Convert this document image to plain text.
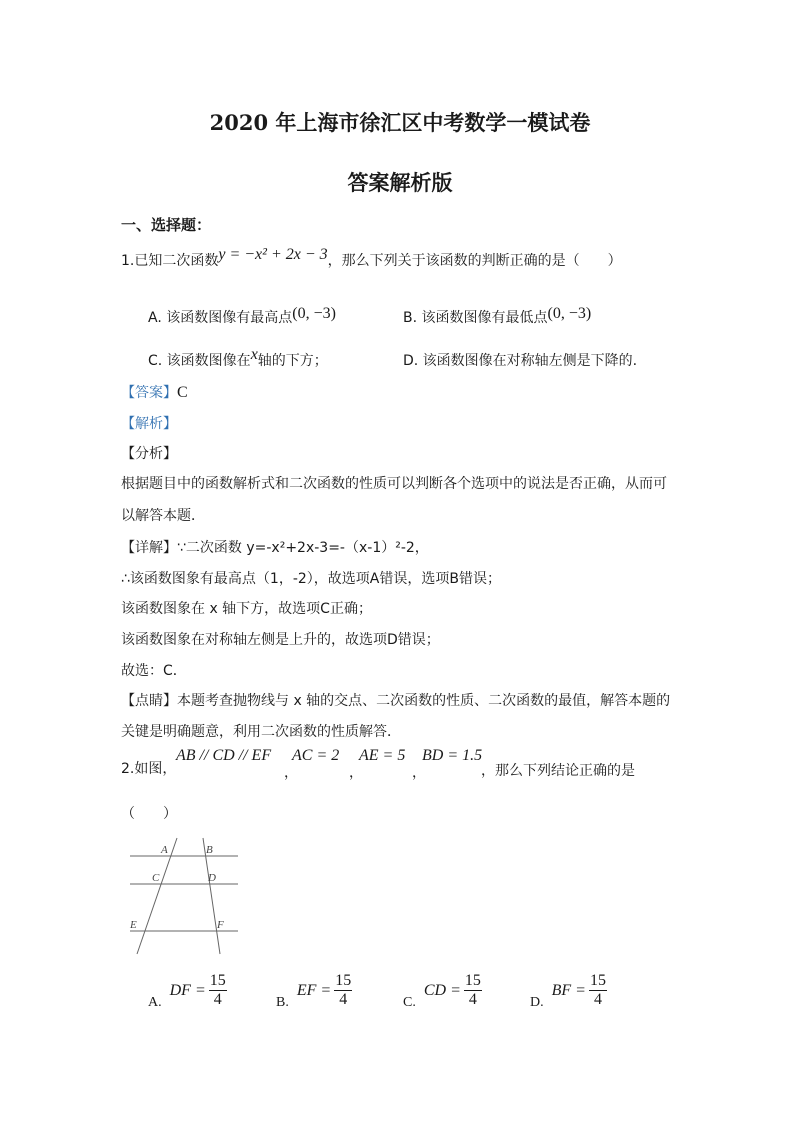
2020 年上海市徐汇区中考数学一模试卷
答案解析版
一、选择题：
1.已知二次函数y = −x² + 2x − 3，那么下列关于该函数的判断正确的是（　　）
A. 该函数图像有最高点(0, −3)	B. 该函数图像有最低点(0, −3)
C. 该函数图像在x轴的下方；	D. 该函数图像在对称轴左侧是下降的.
【答案】C
【解析】
【分析】
根据题目中的函数解析式和二次函数的性质可以判断各个选项中的说法是否正确，从而可
以解答本题．
【详解】∵二次函数 y=-x²+2x-3=-（x-1）²-2，
∴该函数图象有最高点（1，-2），故选项A错误，选项B错误；
该函数图象在 x 轴下方，故选项C正确；
该函数图象在对称轴左侧是上升的，故选项D错误；
故选：C．
【点睛】本题考查抛物线与 x 轴的交点、二次函数的性质、二次函数的最值，解答本题的
关键是明确题意，利用二次函数的性质解答．
2.如图，
AB // CD // EF
，
AC = 2
，
AE = 5
，
BD = 1.5
，那么下列结论正确的是
（　　）
A	B
C	D
E	F
A.
DF = $\frac{15}{4}$	B.
EF = $\frac{15}{4}$	C.
CD = $\frac{15}{4}$	D.
BF = $\frac{15}{4}$
